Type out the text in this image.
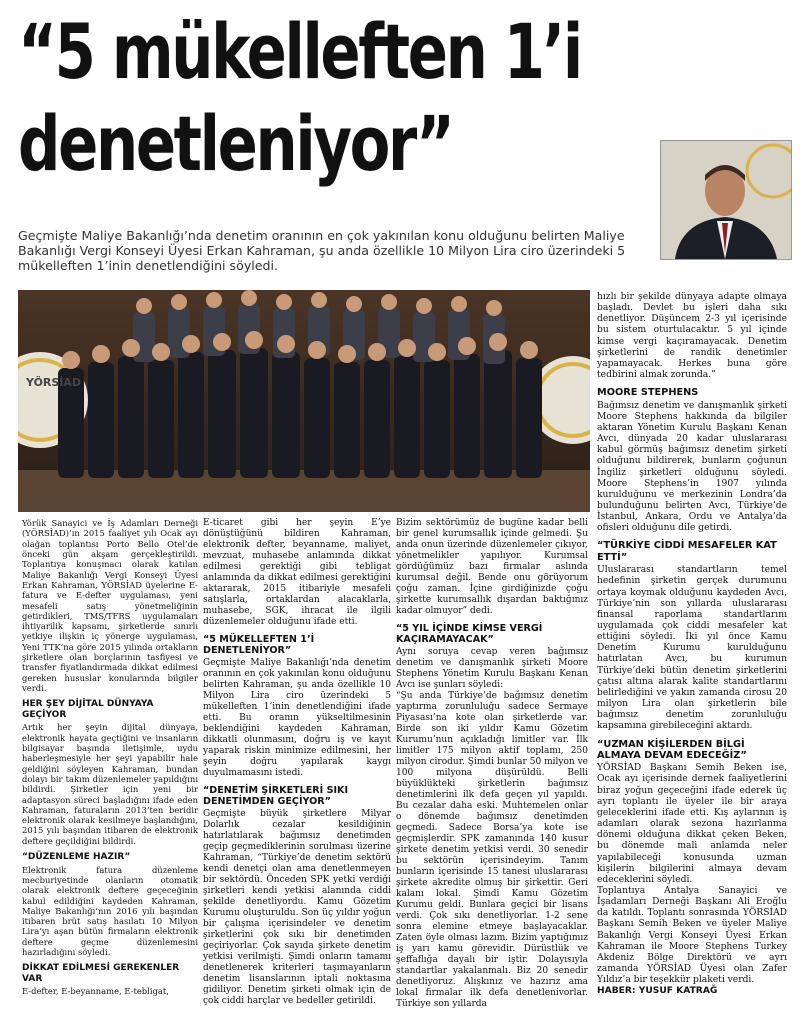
“5 mükelleften 1’i
denetleniyor”
Geçmişte Maliye Bakanlığı’nda denetim oranının en çok yakınılan konu olduğunu belirten Maliye Bakanlığı Vergi Konseyi Üyesi Erkan Kahraman, şu anda özellikle 10 Milyon Lira ciro üzerindeki 5 mükelleften 1’inin denetlendiğini söyledi.
YÖRSİAD

Yörük Sanayici ve İş Adamları Derneği (YÖRSİAD)’ın 2015 faaliyet yılı Ocak ayı olağan toplantısı Porto Bello Otel’de önceki gün akşam gerçekleştirildi. Toplantıya konuşmacı olarak katılan Maliye Bakanlığı Vergi Konseyi Üyesi Erkan Kahraman, YÖRSİAD üyelerine E-fatura ve E-defter uygulaması, yeni mesafeli satış yönetmeliğinin getirdikleri, TMS/TFRS uygulamaları ihtiyarilik kapsamı, şirketlerde sınırlı yetkiye ilişkin iç yönerge uygulaması, Yeni TTK’na göre 2015 yılında ortakların şirketlere olan borçlarının tasfiyesi ve transfer fiyatlandırmada dikkat edilmesi gereken hususlar konularında bilgiler verdi.

HER ŞEY DİJİTAL DÜNYAYA GEÇİYOR

Artık her şeyin dijital dünyaya, elektronik hayata geçtiğini ve insanların bilgisayar başında iletişimle, uydu haberleşmesiyle her şeyi yapabilir hale geldiğini söyleyen Kahraman, bundan dolayı bir takım düzenlemeler yapıldığını bildirdi. Şirketler için yeni bir adaptasyon süreci başladığını ifade eden Kahraman, faturaların 2013’ten beridir elektronik olarak kesilmeye başlandığını, 2015 yılı başından itibaren de elektronik deftere geçildiğini bildirdi.

“DÜZENLEME HAZIR”

Elektronik fatura düzenleme mecburiyetinde olanların otomatik olarak elektronik deftere geçeceğinin kabul edildiğini kaydeden Kahraman, Maliye Bakanlığı’nın 2016 yılı başından itibaren brüt satış hasılatı 10 Milyon Lira’yı aşan bütün firmaların elektronik deftere geçme düzenlemesini hazırladığını söyledi.

DİKKAT EDİLMESİ GEREKENLER VAR

E-defter, E-beyanname, E-tebligat,

E-ticaret gibi her şeyin E’ye dönüştüğünü bildiren Kahraman, elektronik defter, beyanname, maliyet, mevzuat, muhasebe anlamında dikkat edilmesi gerektiği gibi tebligat anlamında da dikkat edilmesi gerektiğini aktararak, 2015 itibariyle mesafeli satışlarla, ortaklardan alacaklarla, muhasebe, SGK, ihracat ile ilgili düzenlemeler olduğunu ifade etti.

“5 MÜKELLEFTEN 1’İ DENETLENİYOR”

Geçmişte Maliye Bakanlığı’nda denetim oranının en çok yakınılan konu olduğunu belirten Kahraman, şu anda özellikle 10 Milyon Lira ciro üzerindeki 5 mükelleften 1’inin denetlendiğini ifade etti. Bu oranın yükseltilmesinin beklendiğini kaydeden Kahraman, dikkatli olunmasını, doğru iş ve kayıt yaparak riskin minimize edilmesini, her şeyin doğru yapılarak kaygı duyulmamasını istedi.

“DENETİM ŞİRKETLERİ SIKI DENETİMDEN GEÇİYOR”

Geçmişte büyük şirketlere Milyar Dolarlık cezalar kesildiğinin hatırlatılarak bağımsız denetimden geçip geçmediklerinin sorulması üzerine Kahraman, “Türkiye’de denetim sektörü kendi denetçi olan ama denetlenmeyen bir sektördü. Önceden SPK yetki verdiği şirketleri kendi yetkisi alanında ciddi şekilde denetliyordu. Kamu Gözetim Kurumu oluşturuldu. Son üç yıldır yoğun bir çalışma içerisindeler ve denetim şirketlerini çok sıkı bir denetimden geçiriyorlar. Çok sayıda şirkete denetim yetkisi verilmişti. Şimdi onların tamamı denetlenerek kriterleri taşımayanların denetim lisanslarının iptali noktasına gidiliyor. Denetim şirketi olmak için de çok ciddi harçlar ve bedeller getirildi.

Bizim sektörümüz de bugüne kadar belli bir genel kurumsallık içinde gelmedi. Şu anda onun üzerinde düzenlemeler çıkıyor, yönetmelikler yapılıyor. Kurumsal gördüğümüz bazı firmalar aslında kurumsal değil. Bende onu görüyorum çoğu zaman. İçine girdiğinizde çoğu şirkette kurumsallık dışardan baktığınız kadar olmuyor” dedi.

“5 YIL İÇİNDE KİMSE VERGİ KAÇIRAMAYACAK”

Aynı soruya cevap veren bağımsız denetim ve danışmanlık şirketi Moore Stephens Yönetim Kurulu Başkanı Kenan Avcı ise şunları söyledi:

“Şu anda Türkiye’de bağımsız denetim yaptırma zorunluluğu sadece Sermaye Piyasası’na kote olan şirketlerde var. Birde son iki yıldır Kamu Gözetim Kurumu’nun açıkladığı limitler var. İlk limitler 175 milyon aktif toplamı, 250 milyon cirodur. Şimdi bunlar 50 milyon ve 100 milyona düşürüldü. Belli büyüklükteki şirketlerin bağımsız denetimlerini ilk defa geçen yıl yapıldı. Bu cezalar daha eski. Muhtemelen onlar o dönemde bağımsız denetimden geçmedi. Sadece Borsa’ya kote ise geçmişlerdir. SPK zamanında 140 kusur şirkete denetim yetkisi verdi. 30 senedir bu sektörün içerisindeyim. Tanım bunların içerisinde 15 tanesi uluslararası şirkete akredite olmuş bir şirkettir. Geri kalanı lokal. Şimdi Kamu Gözetim Kurumu geldi. Bunlara geçici bir lisans verdi. Çok sıkı denetliyorlar. 1-2 sene sonra elemine etmeye başlayacaklar. Zaten öyle olması lazım. Bizim yaptığımız iş yarı kamu görevidir. Dürüstlük ve şeffaflığa dayalı bir iştir. Dolayısıyla standartlar yakalanmalı. Biz 20 senedir denetliyoruz. Alışkınız ve hazırız ama lokal firmalar ilk defa denetlenivorlar. Türkiye son yıllarda

hızlı bir şekilde dünyaya adapte olmaya başladı. Devlet bu işleri daha sıkı denetliyor. Düşüncem 2-3 yıl içerisinde bu sistem oturtulacaktır. 5 yıl içinde kimse vergi kaçıramayacak. Denetim şirketlerini de randik denetimler yapamayacak. Herkes buna göre tedbirini almak zorunda.”

MOORE STEPHENS

Bağımsız denetim ve danışmanlık şirketi Moore Stephens hakkında da bilgiler aktaran Yönetim Kurulu Başkanı Kenan Avcı, dünyada 20 kadar uluslararası kabul görmüş bağımsız denetim şirketi olduğunu bildirerek, bunların çoğunun İngiliz şirketleri olduğunu söyledi. Moore Stephens’in 1907 yılında kurulduğunu ve merkezinin Londra’da bulunduğunu belirten Avcı, Türkiye’de İstanbul, Ankara, Ordu ve Antalya’da ofisleri olduğunu dile getirdi.

“TÜRKİYE CİDDİ MESAFELER KAT ETTİ”

Uluslararası standartların temel hedefinin şirketin gerçek durumunu ortaya koymak olduğunu kaydeden Avcı, Türkiye’nin son yıllarda uluslararası finansal raporlama standartlarını uygulamada çok ciddi mesafeler kat ettiğini söyledi. İki yıl önce Kamu Denetim Kurumu kurulduğunu hatırlatan Avcı, bu kurumun Türkiye’deki bütün denetim şirketlerini çatısı altına alarak kalite standartlarını belirlediğini ve yakın zamanda cirosu 20 milyon Lira olan şirketlerin bile bağımsız denetim zorunluluğu kapsamına girebileceğini aktardı.

“UZMAN KİŞİLERDEN BİLGİ ALMAYA DEVAM EDECEĞİZ”

YÖRSİAD Başkanı Semih Beken ise, Ocak ayı içerisinde dernek faaliyetlerini biraz yoğun geçeceğini ifade ederek üç ayrı toplantı ile üyeler ile bir araya geleceklerini ifade etti. Kış aylarının iş adamları olarak sezona hazırlanma dönemi olduğuna dikkat çeken Beken, bu dönemde mali anlamda neler yapılabileceği konusunda uzman kişilerin bilgilerini almaya devam edeceklerini söyledi.

Toplantıya Antalya Sanayici ve İşadamları Derneği Başkanı Ali Eroğlu da katıldı. Toplantı sonrasında YÖRSİAD Başkanı Semih Beken ve üyeler Maliye Bakanlığı Vergi Konseyi Üyesi Erkan Kahraman ile Moore Stephens Turkey Akdeniz Bölge Direktörü ve ayrı zamanda YÖRSİAD Üyesi olan Zafer Yıldız’a bir teşekkür plaketi verdi.

HABER: YUSUF KATRAĞ
